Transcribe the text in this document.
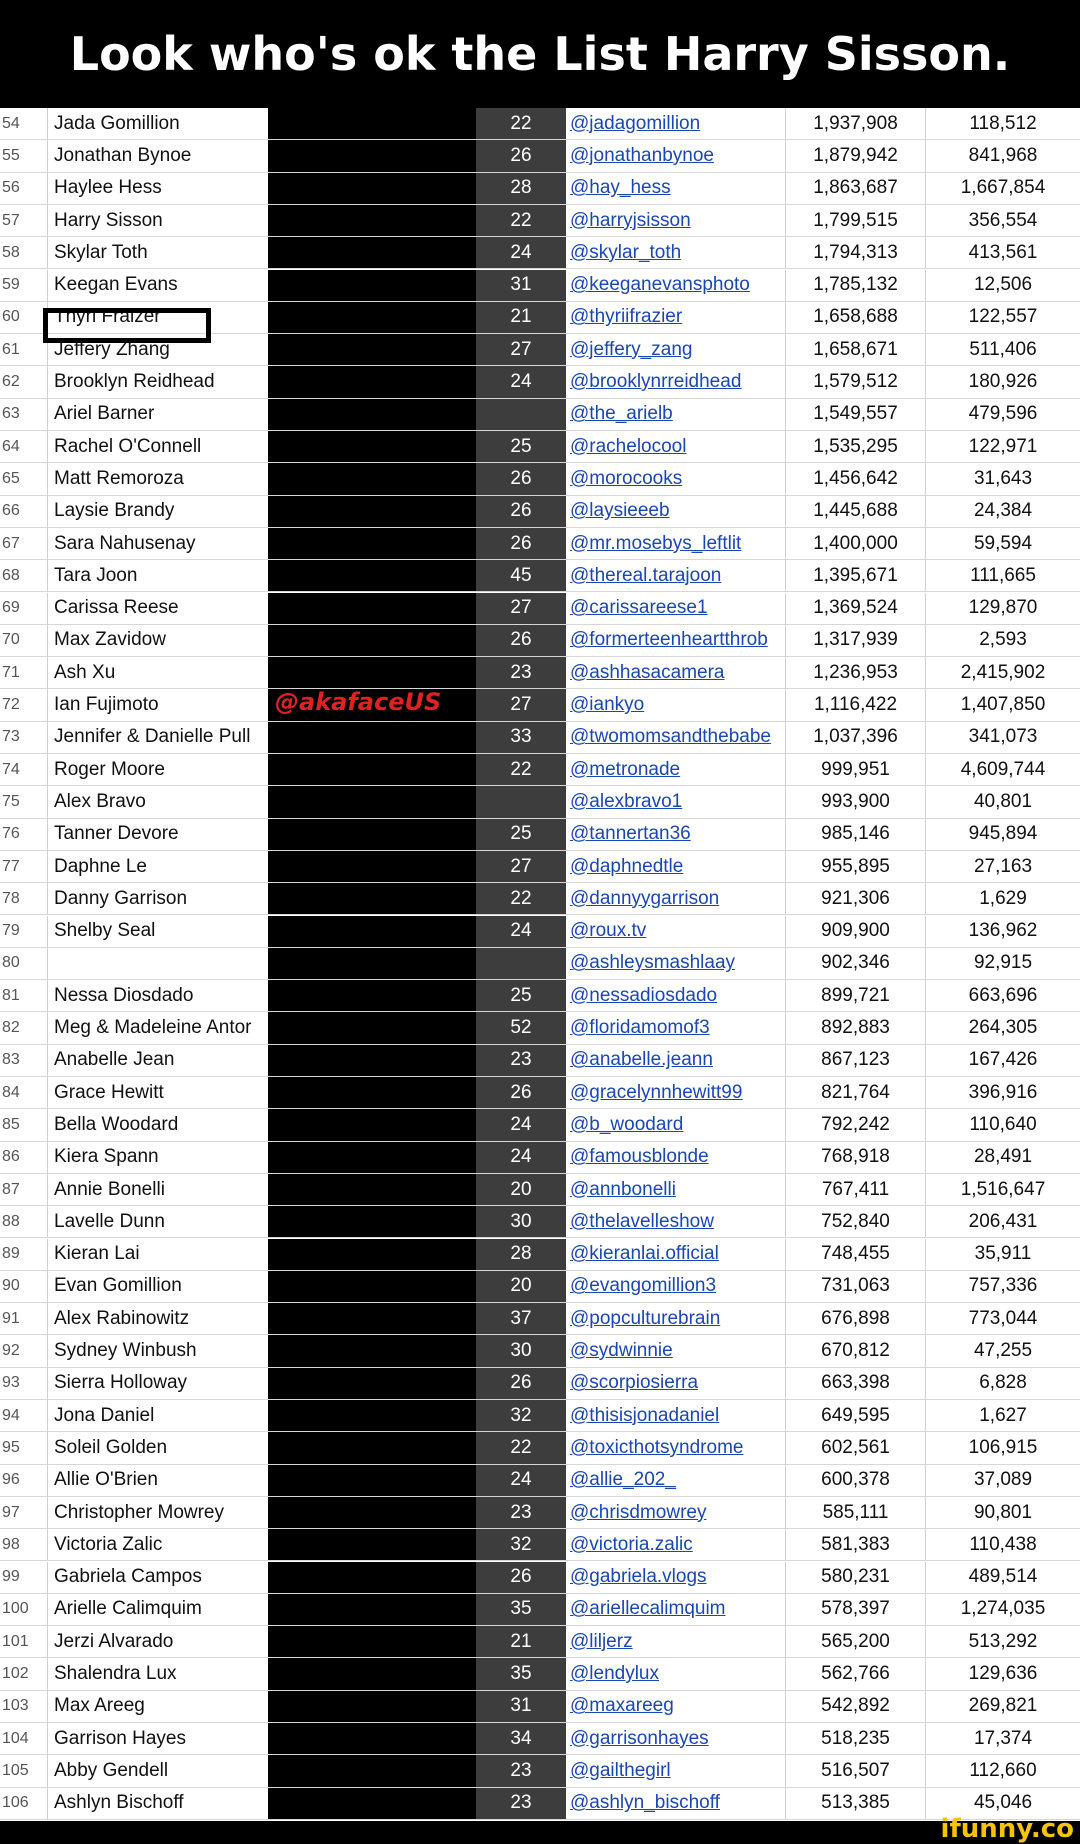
Look who's ok the List Harry Sisson.
54	Jada Gomillion	22	@jadagomillion	1,937,908	118,512
55	Jonathan Bynoe	26	@jonathanbynoe	1,879,942	841,968
56	Haylee Hess	28	@hay_hess	1,863,687	1,667,854
57	Harry Sisson	22	@harryjsisson	1,799,515	356,554
58	Skylar Toth	24	@skylar_toth	1,794,313	413,561
59	Keegan Evans	31	@keeganevansphoto	1,785,132	12,506
60	Thyri Fraizer	21	@thyriifrazier	1,658,688	122,557
61	Jeffery Zhang	27	@jeffery_zang	1,658,671	511,406
62	Brooklyn Reidhead	24	@brooklynrreidhead	1,579,512	180,926
63	Ariel Barner	@the_arielb	1,549,557	479,596
64	Rachel O'Connell	25	@rachelocool	1,535,295	122,971
65	Matt Remoroza	26	@morocooks	1,456,642	31,643
66	Laysie Brandy	26	@laysieeeb	1,445,688	24,384
67	Sara Nahusenay	26	@mr.mosebys_leftlit	1,400,000	59,594
68	Tara Joon	45	@thereal.tarajoon	1,395,671	111,665
69	Carissa Reese	27	@carissareese1	1,369,524	129,870
70	Max Zavidow	26	@formerteenheartthrob	1,317,939	2,593
71	Ash Xu	23	@ashhasacamera	1,236,953	2,415,902
72	Ian Fujimoto	27	@iankyo	1,116,422	1,407,850
73	Jennifer & Danielle Pull	33	@twomomsandthebabe	1,037,396	341,073
74	Roger Moore	22	@metronade	999,951	4,609,744
75	Alex Bravo	@alexbravo1	993,900	40,801
76	Tanner Devore	25	@tannertan36	985,146	945,894
77	Daphne Le	27	@daphnedtle	955,895	27,163
78	Danny Garrison	22	@dannyygarrison	921,306	1,629
79	Shelby Seal	24	@roux.tv	909,900	136,962
80	@ashleysmashlaay	902,346	92,915
81	Nessa Diosdado	25	@nessadiosdado	899,721	663,696
82	Meg & Madeleine Antor	52	@floridamomof3	892,883	264,305
83	Anabelle Jean	23	@anabelle.jeann	867,123	167,426
84	Grace Hewitt	26	@gracelynnhewitt99	821,764	396,916
85	Bella Woodard	24	@b_woodard	792,242	110,640
86	Kiera Spann	24	@famousblonde	768,918	28,491
87	Annie Bonelli	20	@annbonelli	767,411	1,516,647
88	Lavelle Dunn	30	@thelavelleshow	752,840	206,431
89	Kieran Lai	28	@kieranlai.official	748,455	35,911
90	Evan Gomillion	20	@evangomillion3	731,063	757,336
91	Alex Rabinowitz	37	@popculturebrain	676,898	773,044
92	Sydney Winbush	30	@sydwinnie	670,812	47,255
93	Sierra Holloway	26	@scorpiosierra	663,398	6,828
94	Jona Daniel	32	@thisisjonadaniel	649,595	1,627
95	Soleil Golden	22	@toxicthotsyndrome	602,561	106,915
96	Allie O'Brien	24	@allie_202_	600,378	37,089
97	Christopher Mowrey	23	@chrisdmowrey	585,111	90,801
98	Victoria Zalic	32	@victoria.zalic	581,383	110,438
99	Gabriela Campos	26	@gabriela.vlogs	580,231	489,514
100	Arielle Calimquim	35	@ariellecalimquim	578,397	1,274,035
101	Jerzi Alvarado	21	@liljerz	565,200	513,292
102	Shalendra Lux	35	@lendylux	562,766	129,636
103	Max Areeg	31	@maxareeg	542,892	269,821
104	Garrison Hayes	34	@garrisonhayes	518,235	17,374
105	Abby Gendell	23	@gailthegirl	516,507	112,660
106	Ashlyn Bischoff	23	@ashlyn_bischoff	513,385	45,046
@akafaceUS
ifunny.co
